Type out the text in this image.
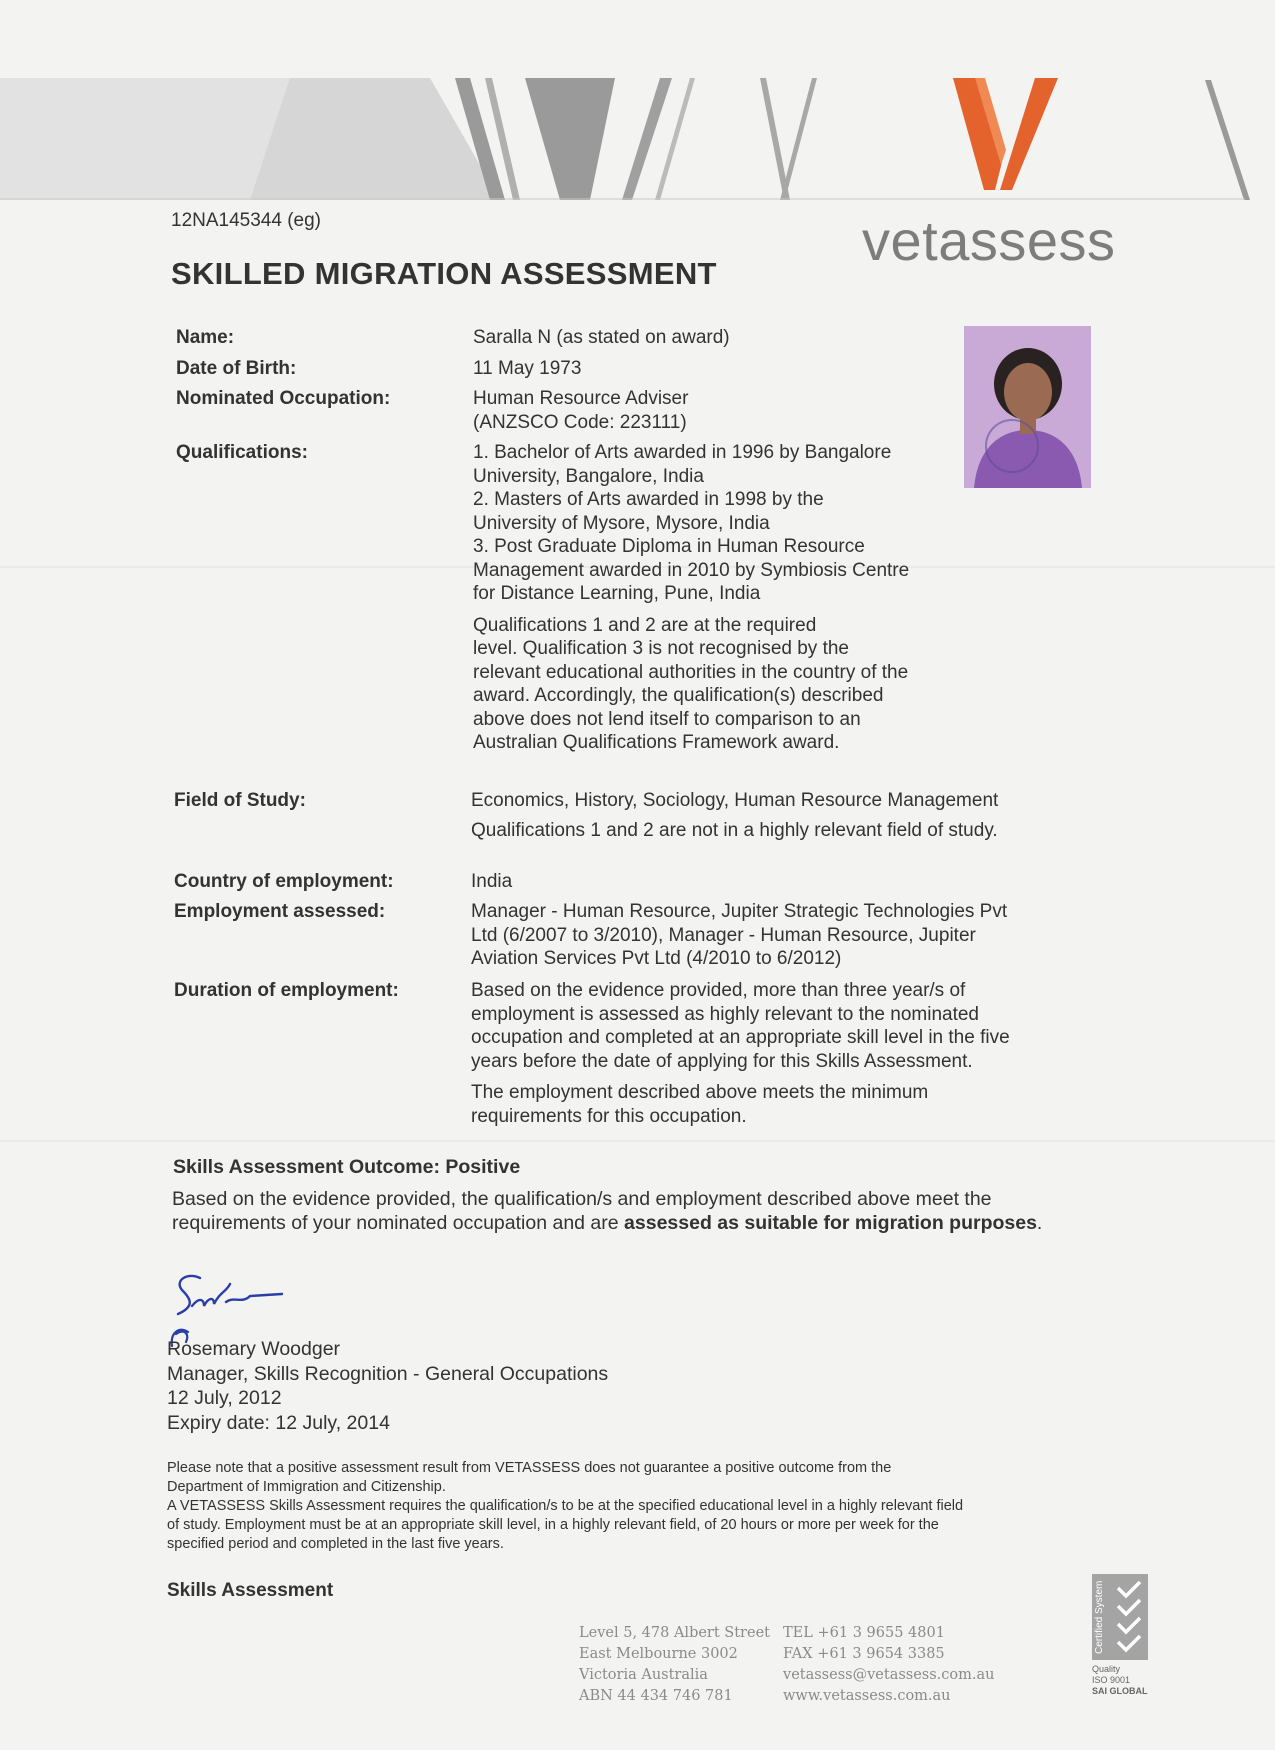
12NA145344 (eg)
SKILLED MIGRATION ASSESSMENT
vetassess
Name:
Date of Birth:
Nominated Occupation:
Qualifications:
Field of Study:
Country of employment:
Employment assessed:
Duration of employment:
Saralla N (as stated on award)
11 May 1973
Human Resource Adviser
(ANZSCO Code: 223111)
1. Bachelor of Arts awarded in 1996 by Bangalore
University, Bangalore, India
2. Masters of Arts awarded in 1998 by the
University of Mysore, Mysore, India
3. Post Graduate Diploma in Human Resource
Management awarded in 2010 by Symbiosis Centre
for Distance Learning, Pune, India
Qualifications 1 and 2 are at the required
level. Qualification 3 is not recognised by the
relevant educational authorities in the country of the
award. Accordingly, the qualification(s) described
above does not lend itself to comparison to an
Australian Qualifications Framework award.
Economics, History, Sociology, Human Resource Management
Qualifications 1 and 2 are not in a highly relevant field of study.
India
Manager - Human Resource, Jupiter Strategic Technologies Pvt
Ltd (6/2007 to 3/2010), Manager - Human Resource, Jupiter
Aviation Services Pvt Ltd (4/2010 to 6/2012)
Based on the evidence provided, more than three year/s of
employment is assessed as highly relevant to the nominated
occupation and completed at an appropriate skill level in the five
years before the date of applying for this Skills Assessment.
The employment described above meets the minimum
requirements for this occupation.
Skills Assessment Outcome: Positive
Based on the evidence provided, the qualification/s and employment described above meet the requirements of your nominated occupation and are assessed as suitable for migration purposes.
Rosemary Woodger
Manager, Skills Recognition - General Occupations
12 July, 2012
Expiry date: 12 July, 2014
Please note that a positive assessment result from VETASSESS does not guarantee a positive outcome from the
Department of Immigration and Citizenship.
A VETASSESS Skills Assessment requires the qualification/s to be at the specified educational level in a highly relevant field
of study. Employment must be at an appropriate skill level, in a highly relevant field, of 20 hours or more per week for the
specified period and completed in the last five years.
Skills Assessment
Level 5, 478 Albert Street
East Melbourne 3002
Victoria Australia
ABN 44 434 746 781
TEL +61 3 9655 4801
FAX +61 3 9654 3385
vetassess@vetassess.com.au
www.vetassess.com.au
Certified System
Quality
ISO 9001
SAI GLOBAL
